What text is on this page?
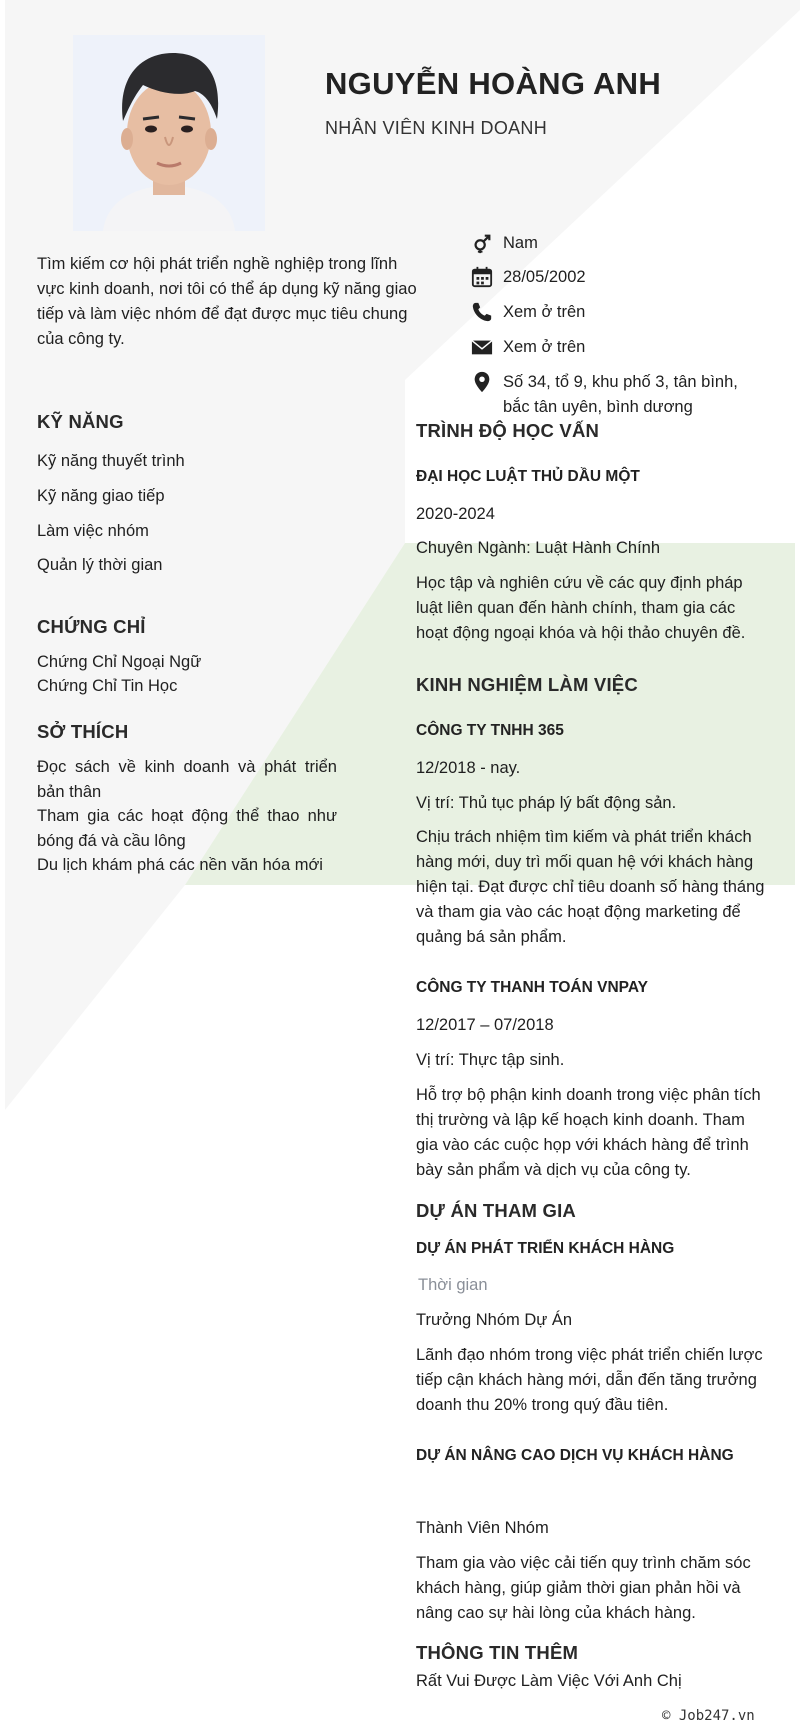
NGUYỄN HOÀNG ANH
NHÂN VIÊN KINH DOANH
Tìm kiếm cơ hội phát triển nghề nghiệp trong lĩnh vực kinh doanh, nơi tôi có thể áp dụng kỹ năng giao tiếp và làm việc nhóm để đạt được mục tiêu chung của công ty.
Nam
28/05/2002
Xem ở trên
Xem ở trên
Số 34, tổ 9, khu phố 3, tân bình, bắc tân uyên, bình dương
KỸ NĂNG
Kỹ năng thuyết trình
Kỹ năng giao tiếp
Làm việc nhóm
Quản lý thời gian
CHỨNG CHỈ
Chứng Chỉ Ngoại Ngữ
Chứng Chỉ Tin Học
SỞ THÍCH
Đọc sách về kinh doanh và phát triển bản thân
Tham gia các hoạt động thể thao như bóng đá và cầu lông
Du lịch khám phá các nền văn hóa mới
TRÌNH ĐỘ HỌC VẤN
ĐẠI HỌC LUẬT THỦ DẦU MỘT
2020-2024
Chuyên Ngành: Luật Hành Chính
Học tập và nghiên cứu về các quy định pháp luật liên quan đến hành chính, tham gia các hoạt động ngoại khóa và hội thảo chuyên đề.
KINH NGHIỆM LÀM VIỆC
CÔNG TY TNHH 365
12/2018 - nay.
Vị trí: Thủ tục pháp lý bất động sản.
Chịu trách nhiệm tìm kiếm và phát triển khách hàng mới, duy trì mối quan hệ với khách hàng hiện tại. Đạt được chỉ tiêu doanh số hàng tháng và tham gia vào các hoạt động marketing để quảng bá sản phẩm.
CÔNG TY THANH TOÁN VNPAY
12/2017 – 07/2018
Vị trí: Thực tập sinh.
Hỗ trợ bộ phận kinh doanh trong việc phân tích thị trường và lập kế hoạch kinh doanh. Tham gia vào các cuộc họp với khách hàng để trình bày sản phẩm và dịch vụ của công ty.
DỰ ÁN THAM GIA
DỰ ÁN PHÁT TRIỂN KHÁCH HÀNG
Thời gian
Trưởng Nhóm Dự Án
Lãnh đạo nhóm trong việc phát triển chiến lược tiếp cận khách hàng mới, dẫn đến tăng trưởng doanh thu 20% trong quý đầu tiên.
DỰ ÁN NÂNG CAO DỊCH VỤ KHÁCH HÀNG
Thành Viên Nhóm
Tham gia vào việc cải tiến quy trình chăm sóc khách hàng, giúp giảm thời gian phản hồi và nâng cao sự hài lòng của khách hàng.
THÔNG TIN THÊM
Rất Vui Được Làm Việc Với Anh Chị
© Job247.vn
